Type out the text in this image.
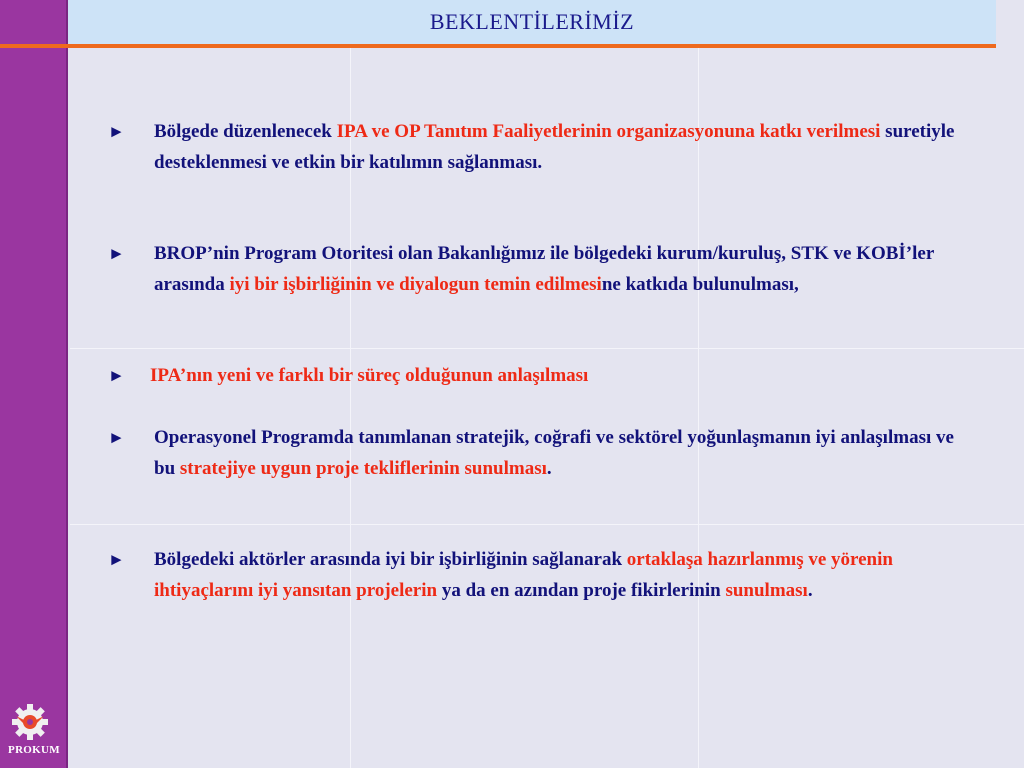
BEKLENTİLERİMİZ
► Bölgede düzenlenecek IPA ve OP Tanıtım Faaliyetlerinin organizasyonuna katkı verilmesi suretiyle desteklenmesi ve etkin bir katılımın sağlanması.
► BROP’nin Program Otoritesi olan Bakanlığımız ile bölgedeki kurum/kuruluş, STK ve KOBİ’ler arasında iyi bir işbirliğinin ve diyalogun temin edilmesine katkıda bulunulması,
► IPA’nın yeni ve farklı bir süreç olduğunun anlaşılması
► Operasyonel Programda tanımlanan stratejik, coğrafi ve sektörel yoğunlaşmanın iyi anlaşılması ve bu stratejiye uygun proje tekliflerinin sunulması.
► Bölgedeki aktörler arasında iyi bir işbirliğinin sağlanarak ortaklaşa hazırlanmış ve yörenin ihtiyaçlarını iyi yansıtan projelerin ya da en azından proje fikirlerinin sunulması.
PROKUM
